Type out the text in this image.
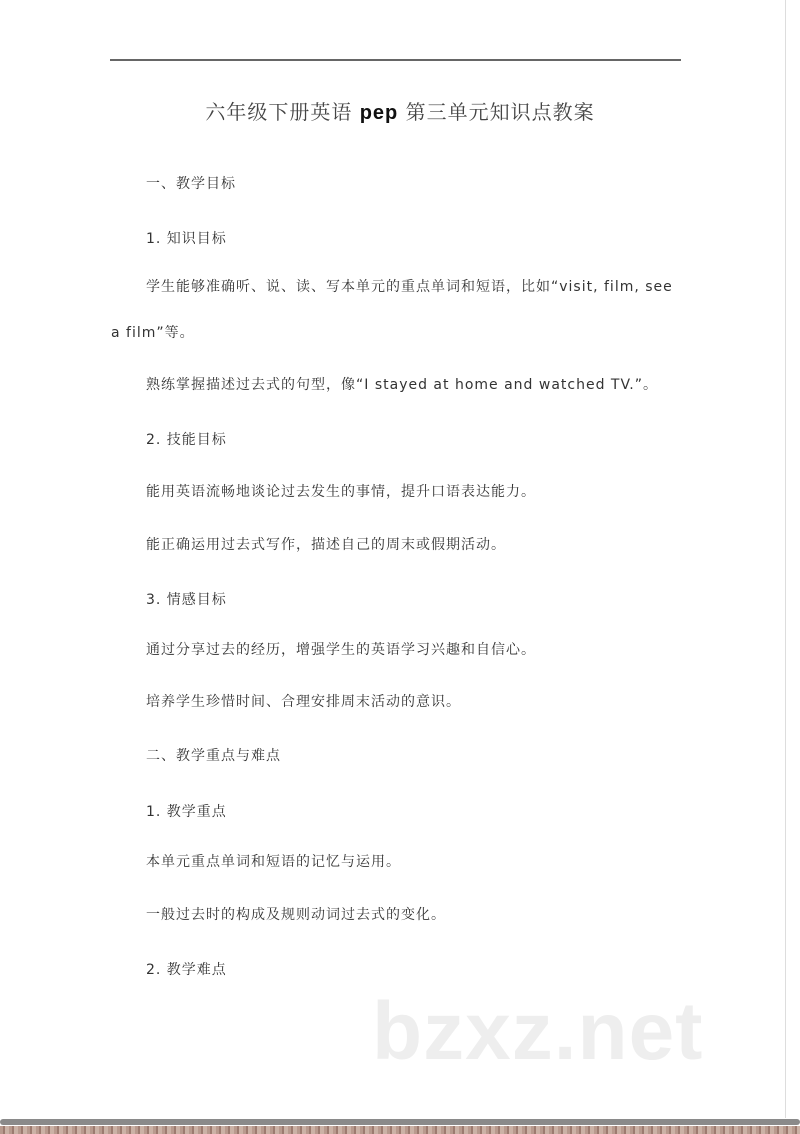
六年级下册英语 pep 第三单元知识点教案
一、教学目标
1. 知识目标
学生能够准确听、说、读、写本单元的重点单词和短语，比如“visit, film, see a film”等。
熟练掌握描述过去式的句型，像“I stayed at home and watched TV.”。
2. 技能目标
能用英语流畅地谈论过去发生的事情，提升口语表达能力。
能正确运用过去式写作，描述自己的周末或假期活动。
3. 情感目标
通过分享过去的经历，增强学生的英语学习兴趣和自信心。
培养学生珍惜时间、合理安排周末活动的意识。
二、教学重点与难点
1. 教学重点
本单元重点单词和短语的记忆与运用。
一般过去时的构成及规则动词过去式的变化。
2. 教学难点
bzxz.net
